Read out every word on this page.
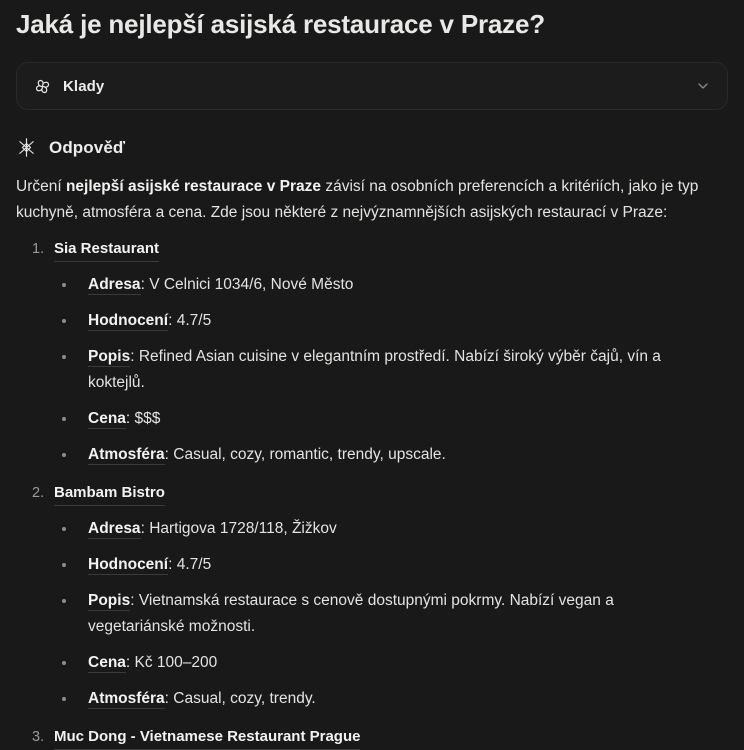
Jaká je nejlepší asijská restaurace v Praze?
Klady
Odpověď

Určení nejlepší asijské restaurace v Praze závisí na osobních preferencích a kritériích, jako je typ kuchyně, atmosféra a cena. Zde jsou některé z nejvýznamnějších asijských restaurací v Praze:

Sia Restaurant
Adresa: V Celnici 1034/6, Nové Město
Hodnocení: 4.7/5
Popis: Refined Asian cuisine v elegantním prostředí. Nabízí široký výběr čajů, vín a koktejlů.
Cena: $$$
Atmosféra: Casual, cozy, romantic, trendy, upscale.
Bambam Bistro
Adresa: Hartigova 1728/118, Žižkov
Hodnocení: 4.7/5
Popis: Vietnamská restaurace s cenově dostupnými pokrmy. Nabízí vegan a vegetariánské možnosti.
Cena: Kč 100–200
Atmosféra: Casual, cozy, trendy.
Muc Dong - Vietnamese Restaurant Prague
